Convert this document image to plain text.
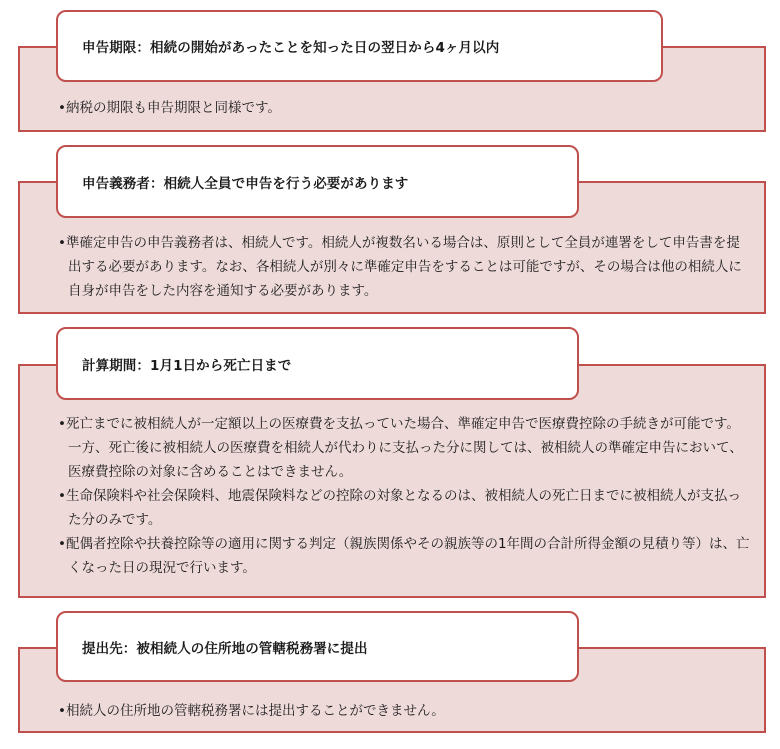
申告期限：相続の開始があったことを知った日の翌日から4ヶ月以内
•納税の期限も申告期限と同様です。
申告義務者：相続人全員で申告を行う必要があります
•準確定申告の申告義務者は、相続人です。相続人が複数名いる場合は、原則として全員が連署をして申告書を提出する必要があります。なお、各相続人が別々に準確定申告をすることは可能ですが、その場合は他の相続人に自身が申告をした内容を通知する必要があります。
計算期間：1月1日から死亡日まで
•死亡までに被相続人が一定額以上の医療費を支払っていた場合、準確定申告で医療費控除の手続きが可能です。一方、死亡後に被相続人の医療費を相続人が代わりに支払った分に関しては、被相続人の準確定申告において、医療費控除の対象に含めることはできません。
•生命保険料や社会保険料、地震保険料などの控除の対象となるのは、被相続人の死亡日までに被相続人が支払った分のみです。
•配偶者控除や扶養控除等の適用に関する判定（親族関係やその親族等の1年間の合計所得金額の見積り等）は、亡くなった日の現況で行います。
提出先：被相続人の住所地の管轄税務署に提出
•相続人の住所地の管轄税務署には提出することができません。
